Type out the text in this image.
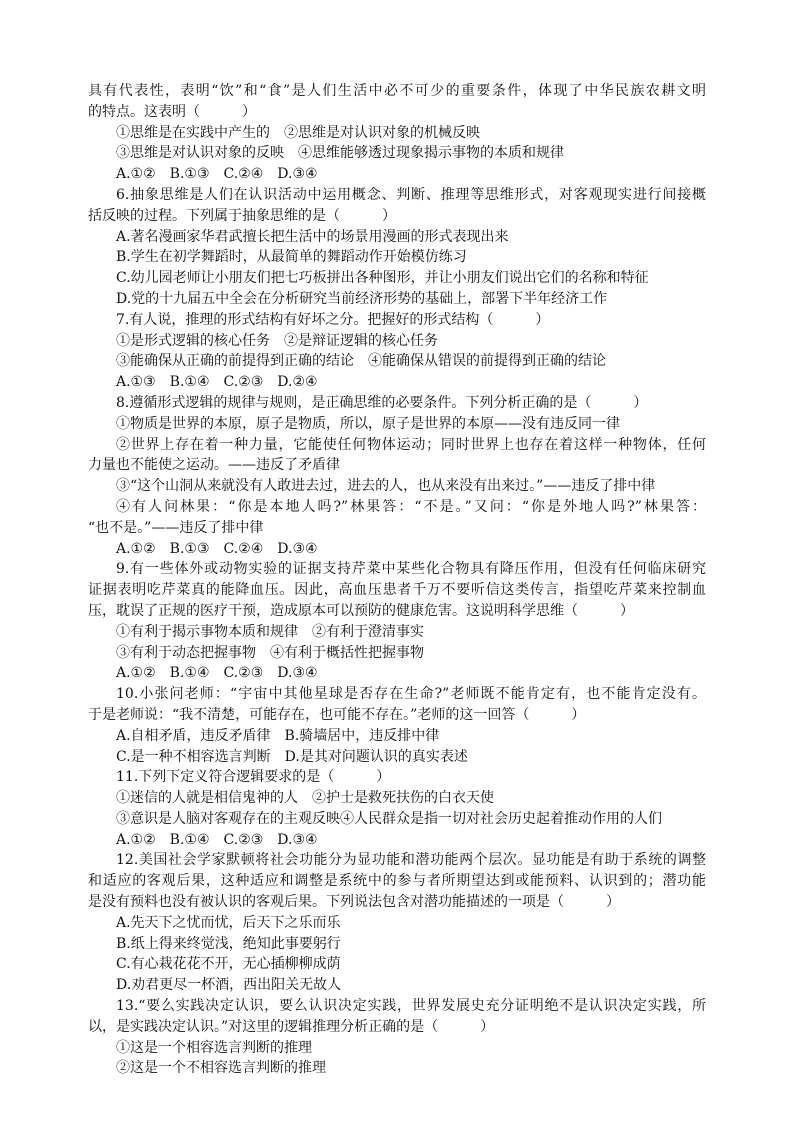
具有代表性，表明“饮”和“食”是人们生活中必不可少的重要条件，体现了中华民族农耕文明
的特点。这表明（　　　）
①思维是在实践中产生的　②思维是对认识对象的机械反映
③思维是对认识对象的反映　④思维能够透过现象揭示事物的本质和规律
A.①②　B.①③　C.②④　D.③④
6.抽象思维是人们在认识活动中运用概念、判断、推理等思维形式，对客观现实进行间接概
括反映的过程。下列属于抽象思维的是（　　　）
A.著名漫画家华君武擅长把生活中的场景用漫画的形式表现出来
B.学生在初学舞蹈时，从最简单的舞蹈动作开始模仿练习
C.幼儿园老师让小朋友们把七巧板拼出各种图形，并让小朋友们说出它们的名称和特征
D.党的十九届五中全会在分析研究当前经济形势的基础上，部署下半年经济工作
7.有人说，推理的形式结构有好坏之分。把握好的形式结构（　　　）
①是形式逻辑的核心任务　②是辩证逻辑的核心任务
③能确保从正确的前提得到正确的结论　④能确保从错误的前提得到正确的结论
A.①③　B.①④　C.②③　D.②④
8.遵循形式逻辑的规律与规则，是正确思维的必要条件。下列分析正确的是（　　　）
①物质是世界的本原，原子是物质，所以，原子是世界的本原——没有违反同一律
②世界上存在着一种力量，它能使任何物体运动；同时世界上也存在着这样一种物体，任何
力量也不能使之运动。——违反了矛盾律
③“这个山洞从来就没有人敢进去过，进去的人，也从来没有出来过。”——违反了排中律
④有人问林果：“你是本地人吗?”林果答：“不是。”又问：“你是外地人吗?”林果答：
“也不是。”——违反了排中律
A.①②　B.①③　C.②④　D.③④
9.有一些体外或动物实验的证据支持芹菜中某些化合物具有降压作用，但没有任何临床研究
证据表明吃芹菜真的能降血压。因此，高血压患者千万不要听信这类传言，指望吃芹菜来控制血
压，耽误了正规的医疗干预，造成原本可以预防的健康危害。这说明科学思维（　　　）
①有利于揭示事物本质和规律　②有利于澄清事实
③有利于动态把握事物　④有利于概括性把握事物
A.①②　B.①④　C.②③　D.③④
10.小张问老师：“宇宙中其他星球是否存在生命?”老师既不能肯定有，也不能肯定没有。
于是老师说：“我不清楚，可能存在，也可能不存在。”老师的这一回答（　　　）
A.自相矛盾，违反矛盾律　B.骑墙居中，违反排中律
C.是一种不相容选言判断　D.是其对问题认识的真实表述
11.下列下定义符合逻辑要求的是（　　　）
①迷信的人就是相信鬼神的人　②护士是救死扶伤的白衣天使
③意识是人脑对客观存在的主观反映④人民群众是指一切对社会历史起着推动作用的人们
A.①②　B.①④　C.②③　D.③④
12.美国社会学家默顿将社会功能分为显功能和潜功能两个层次。显功能是有助于系统的调整
和适应的客观后果，这种适应和调整是系统中的参与者所期望达到或能预料、认识到的；潜功能
是没有预料也没有被认识的客观后果。下列说法包含对潜功能描述的一项是（　　　）
A.先天下之忧而忧，后天下之乐而乐
B.纸上得来终觉浅，绝知此事要躬行
C.有心栽花花不开，无心插柳柳成荫
D.劝君更尽一杯酒，西出阳关无故人
13.“要么实践决定认识，要么认识决定实践，世界发展史充分证明绝不是认识决定实践，所
以，是实践决定认识。”对这里的逻辑推理分析正确的是（　　　）
①这是一个相容选言判断的推理
②这是一个不相容选言判断的推理
